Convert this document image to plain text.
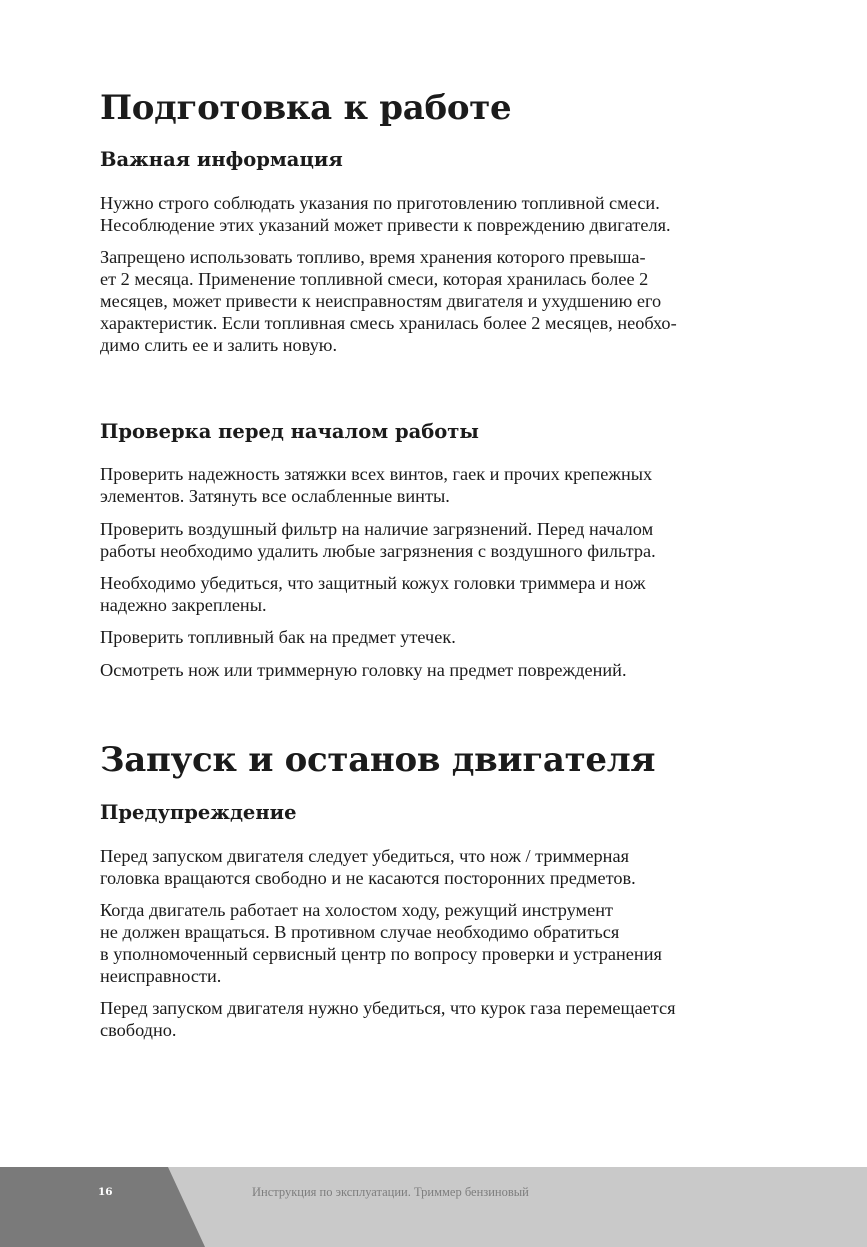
Подготовка к работе
Важная информация

Нужно строго соблюдать указания по приготовлению топливной смеси.
Несоблюдение этих указаний может привести к повреждению двигателя.

Запрещено использовать топливо, время хранения которого превыша-
ет 2 месяца. Применение топливной смеси, которая хранилась более 2
месяцев, может привести к неисправностям двигателя и ухудшению его
характеристик. Если топливная смесь хранилась более 2 месяцев, необхо-
димо слить ее и залить новую.

Проверка перед началом работы

Проверить надежность затяжки всех винтов, гаек и прочих крепежных
элементов. Затянуть все ослабленные винты.

Проверить воздушный фильтр на наличие загрязнений. Перед началом
работы необходимо удалить любые загрязнения с воздушного фильтра.

Необходимо убедиться, что защитный кожух головки триммера и нож
надежно закреплены.

Проверить топливный бак на предмет утечек.

Осмотреть нож или триммерную головку на предмет повреждений.

Запуск и останов двигателя
Предупреждение

Перед запуском двигателя следует убедиться, что нож / триммерная
головка вращаются свободно и не касаются посторонних предметов.

Когда двигатель работает на холостом ходу, режущий инструмент
не должен вращаться. В противном случае необходимо обратиться
в уполномоченный сервисный центр по вопросу проверки и устранения
неисправности.

Перед запуском двигателя нужно убедиться, что курок газа перемещается
свободно.

16	Инструкция по эксплуатации. Триммер бензиновый
